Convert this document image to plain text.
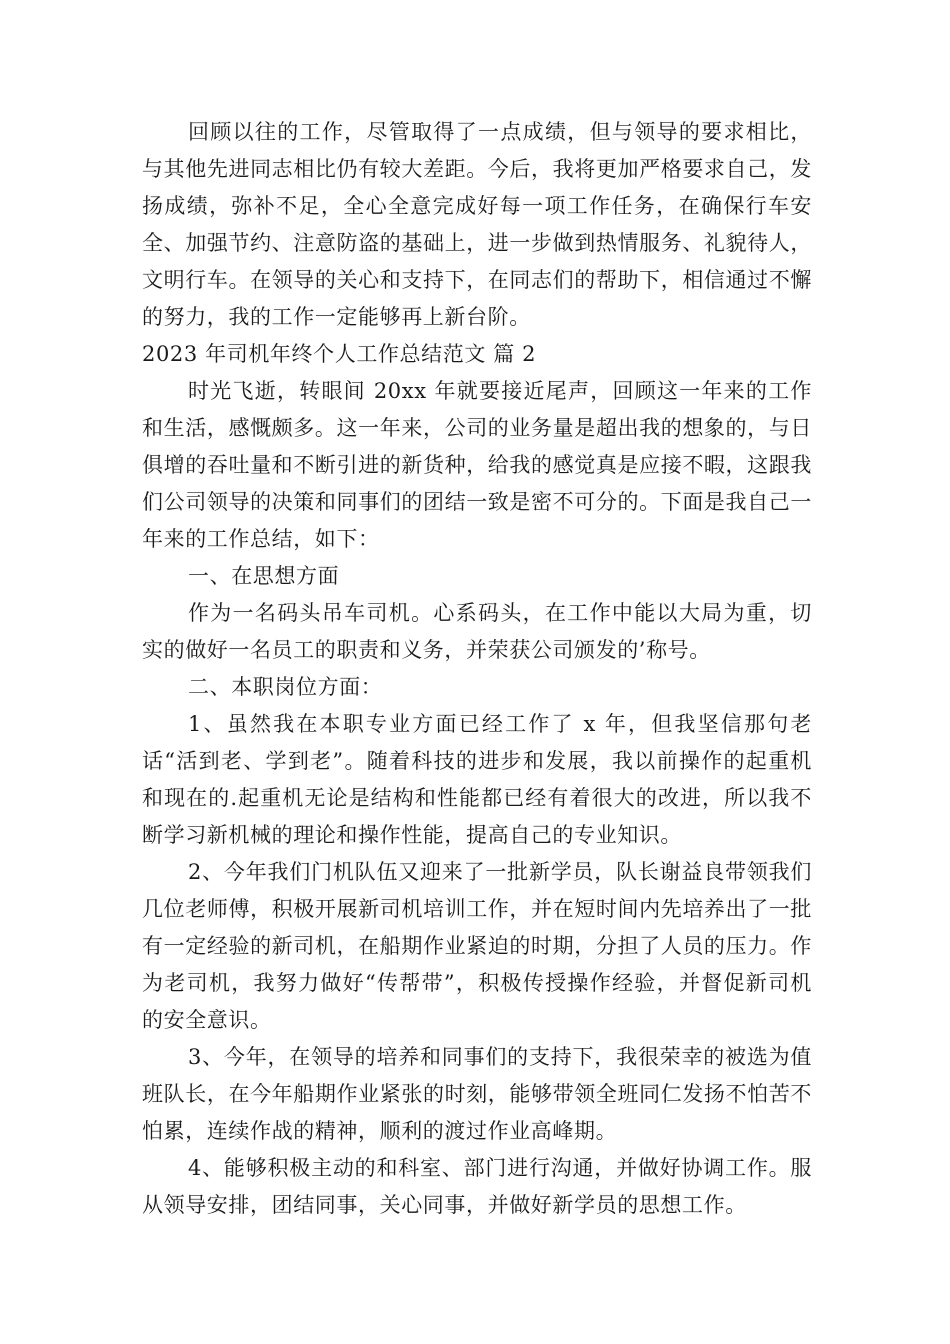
回顾以往的工作，尽管取得了一点成绩，但与领导的要求相比，与其他先进同志相比仍有较大差距。今后，我将更加严格要求自己，发扬成绩，弥补不足，全心全意完成好每一项工作任务，在确保行车安全、加强节约、注意防盗的基础上，进一步做到热情服务、礼貌待人，文明行车。在领导的关心和支持下，在同志们的帮助下，相信通过不懈的努力，我的工作一定能够再上新台阶。

2023 年司机年终个人工作总结范文 篇 2

时光飞逝，转眼间 20xx 年就要接近尾声，回顾这一年来的工作和生活，感慨颇多。这一年来，公司的业务量是超出我的想象的，与日俱增的吞吐量和不断引进的新货种，给我的感觉真是应接不暇，这跟我们公司领导的决策和同事们的团结一致是密不可分的。下面是我自己一年来的工作总结，如下：

一、在思想方面

作为一名码头吊车司机。心系码头，在工作中能以大局为重，切实的做好一名员工的职责和义务，并荣获公司颁发的’称号。

二、本职岗位方面：

1、虽然我在本职专业方面已经工作了 x 年，但我坚信那句老话“活到老、学到老”。随着科技的进步和发展，我以前操作的起重机和现在的.起重机无论是结构和性能都已经有着很大的改进，所以我不断学习新机械的理论和操作性能，提高自己的专业知识。

2、今年我们门机队伍又迎来了一批新学员，队长谢益良带领我们几位老师傅，积极开展新司机培训工作，并在短时间内先培养出了一批有一定经验的新司机，在船期作业紧迫的时期，分担了人员的压力。作为老司机，我努力做好“传帮带”，积极传授操作经验，并督促新司机的安全意识。

3、今年，在领导的培养和同事们的支持下，我很荣幸的被选为值班队长，在今年船期作业紧张的时刻，能够带领全班同仁发扬不怕苦不怕累，连续作战的精神，顺利的渡过作业高峰期。

4、能够积极主动的和科室、部门进行沟通，并做好协调工作。服从领导安排，团结同事，关心同事，并做好新学员的思想工作。
